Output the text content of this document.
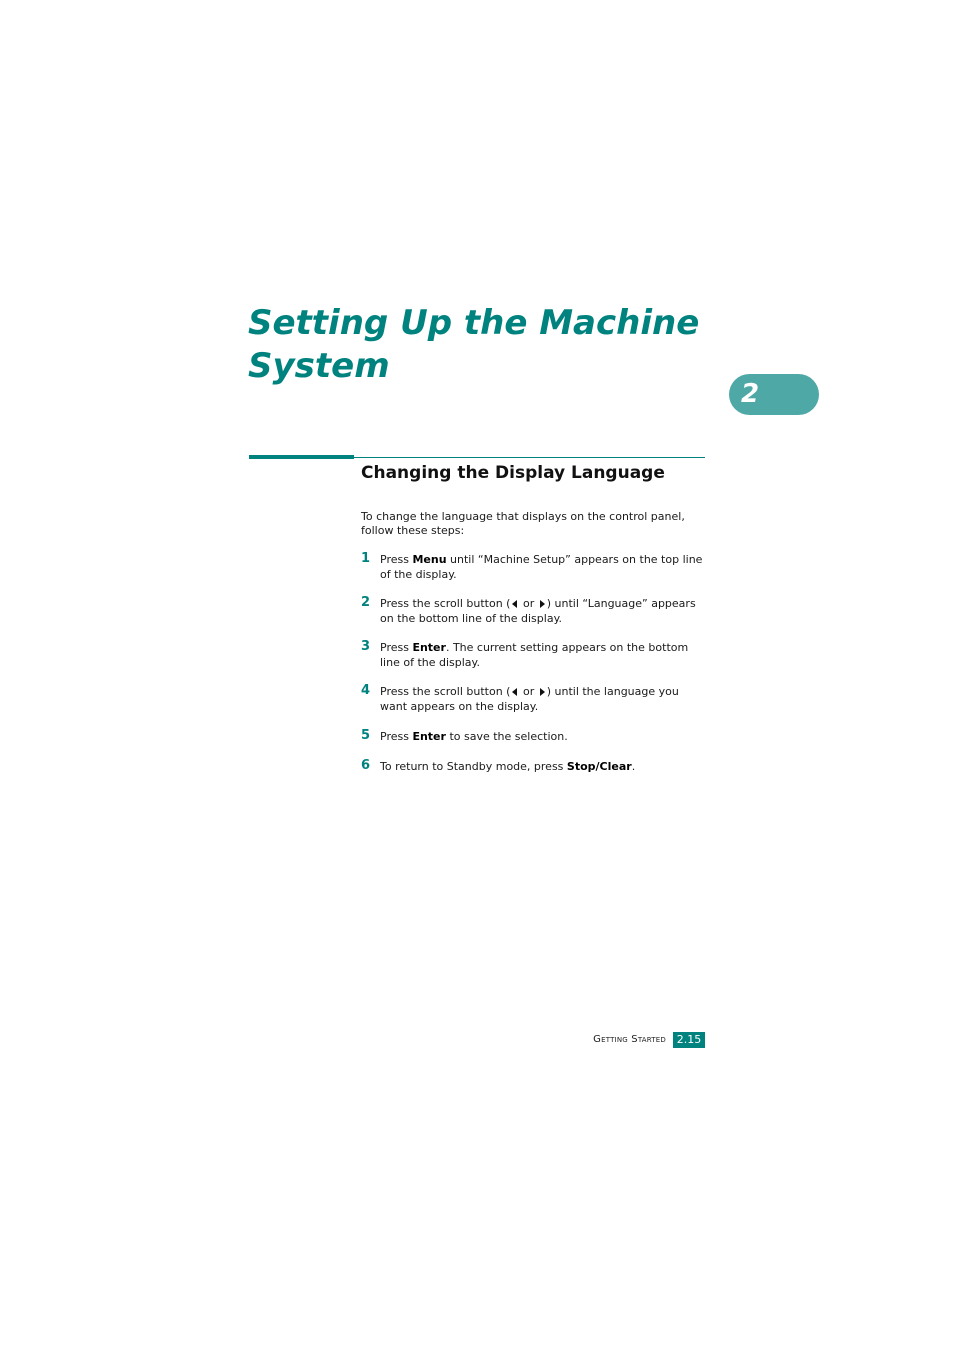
Setting Up the Machine System
2
Changing the Display Language

To change the language that displays on the control panel, follow these steps:

1 Press Menu until “Machine Setup” appears on the top line of the display.

2 Press the scroll button ( or ) until “Language” appears on the bottom line of the display.

3 Press Enter. The current setting appears on the bottom line of the display.

4 Press the scroll button ( or ) until the language you want appears on the display.

5 Press Enter to save the selection.

6 To return to Standby mode, press Stop/Clear.

Getting Started 2.15
